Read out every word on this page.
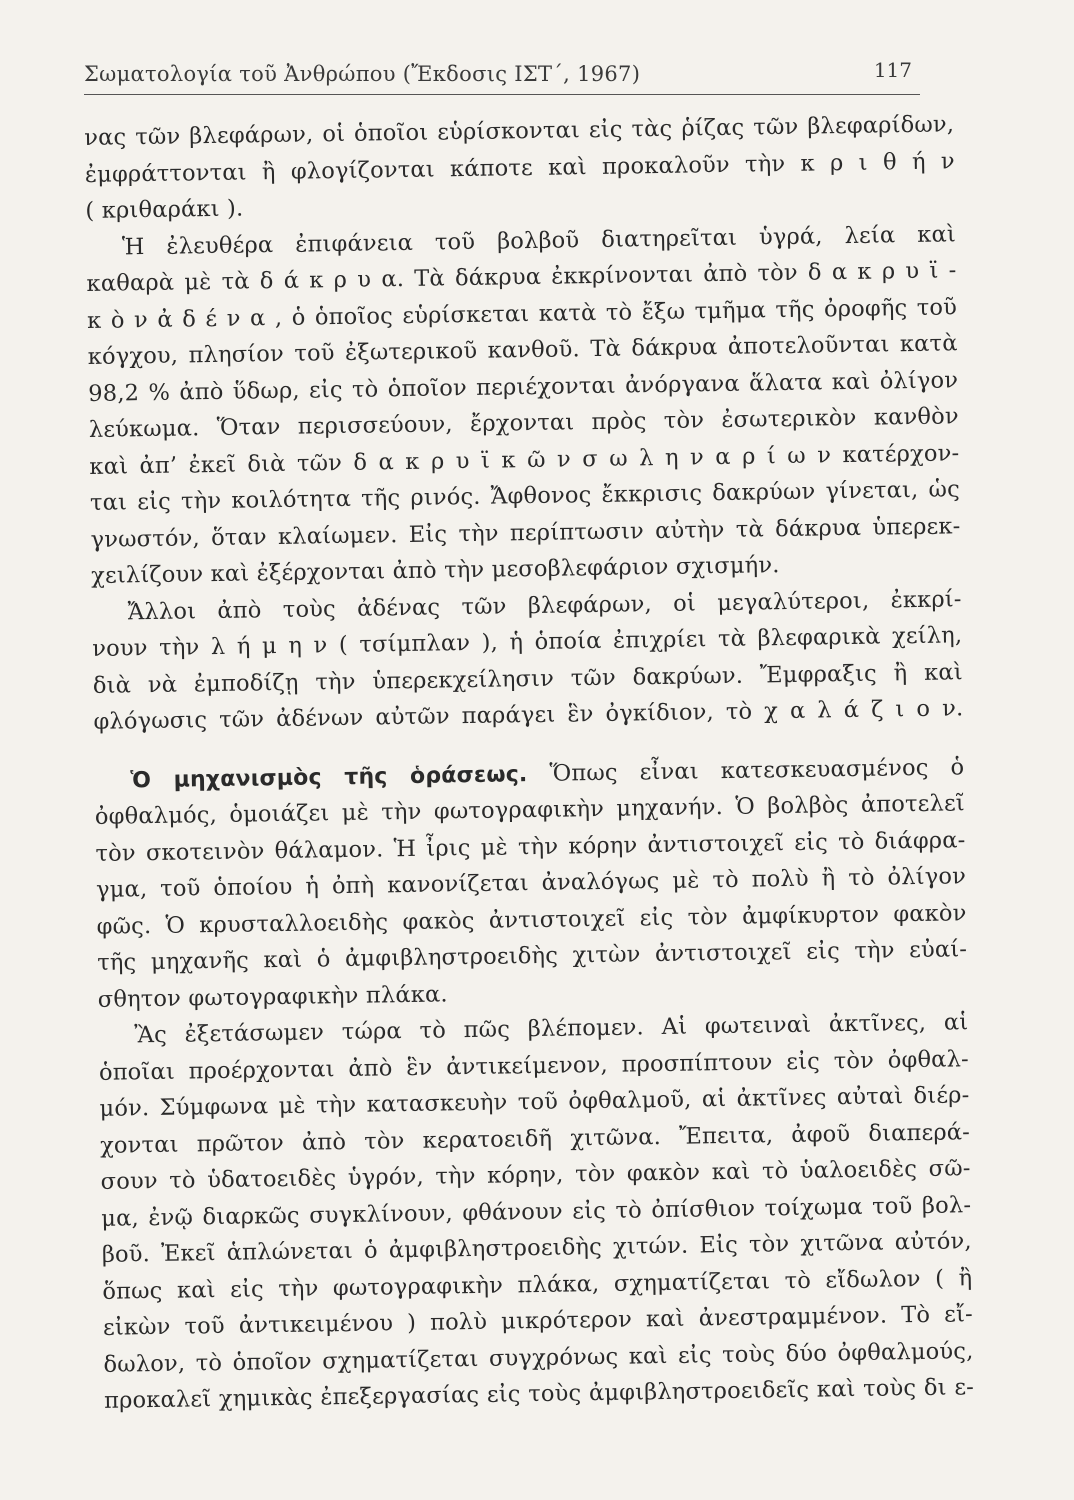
Σωματολογία τοῦ Ἀνθρώπου (Ἔκδοσις ΙΣΤ΄, 1967)	117
νας τῶν βλεφάρων, οἱ ὁποῖοι εὑρίσκονται εἰς τὰς ῥίζας τῶν βλεφαρίδων,
ἐμφράττονται ἢ φλογίζονται κάποτε καὶ προκαλοῦν τὴν κ ρ ι θ ή ν
( κριθαράκι ).
Ἡ ἐλευθέρα ἐπιφάνεια τοῦ βολβοῦ διατηρεῖται ὑγρά, λεία καὶ
καθαρὰ μὲ τὰ δ ά κ ρ υ α. Τὰ δάκρυα ἐκκρίνονται ἀπὸ τὸν δ α κ ρ υ ϊ -
κ ὸ ν ἀ δ έ ν α , ὁ ὁποῖος εὑρίσκεται κατὰ τὸ ἔξω τμῆμα τῆς ὀροφῆς τοῦ
κόγχου, πλησίον τοῦ ἐξωτερικοῦ κανθοῦ. Τὰ δάκρυα ἀποτελοῦνται κατὰ
98,2 % ἀπὸ ὕδωρ, εἰς τὸ ὁποῖον περιέχονται ἀνόργανα ἅλατα καὶ ὀλίγον
λεύκωμα. Ὅταν περισσεύουν, ἔρχονται πρὸς τὸν ἐσωτερικὸν κανθὸν
καὶ ἀπ’ ἐκεῖ διὰ τῶν δ α κ ρ υ ϊ κ ῶ ν σ ω λ η ν α ρ ί ω ν κατέρχον-
ται εἰς τὴν κοιλότητα τῆς ρινός. Ἄφθονος ἔκκρισις δακρύων γίνεται, ὡς
γνωστόν, ὅταν κλαίωμεν. Εἰς τὴν περίπτωσιν αὐτὴν τὰ δάκρυα ὑπερεκ-
χειλίζουν καὶ ἐξέρχονται ἀπὸ τὴν μεσοβλεφάριον σχισμήν.
Ἄλλοι ἀπὸ τοὺς ἀδένας τῶν βλεφάρων, οἱ μεγαλύτεροι, ἐκκρί-
νουν τὴν λ ή μ η ν ( τσίμπλαν ), ἡ ὁποία ἐπιχρίει τὰ βλεφαρικὰ χείλη,
διὰ νὰ ἐμποδίζῃ τὴν ὑπερεκχείλησιν τῶν δακρύων. Ἔμφραξις ἢ καὶ
φλόγωσις τῶν ἀδένων αὐτῶν παράγει ἓν ὀγκίδιον, τὸ χ α λ ά ζ ι ο ν.
Ὁ μηχανισμὸς τῆς ὁράσεως. Ὅπως εἶναι κατεσκευασμένος ὁ
ὀφθαλμός, ὁμοιάζει μὲ τὴν φωτογραφικὴν μηχανήν. Ὁ βολβὸς ἀποτελεῖ
τὸν σκοτεινὸν θάλαμον. Ἡ ἶρις μὲ τὴν κόρην ἀντιστοιχεῖ εἰς τὸ διάφρα-
γμα, τοῦ ὁποίου ἡ ὀπὴ κανονίζεται ἀναλόγως μὲ τὸ πολὺ ἢ τὸ ὀλίγον
φῶς. Ὁ κρυσταλλοειδὴς φακὸς ἀντιστοιχεῖ εἰς τὸν ἀμφίκυρτον φακὸν
τῆς μηχανῆς καὶ ὁ ἀμφιβληστροειδὴς χιτὼν ἀντιστοιχεῖ εἰς τὴν εὐαί-
σθητον φωτογραφικὴν πλάκα.
Ἂς ἐξετάσωμεν τώρα τὸ πῶς βλέπομεν. Αἱ φωτειναὶ ἀκτῖνες, αἱ
ὁποῖαι προέρχονται ἀπὸ ἓν ἀντικείμενον, προσπίπτουν εἰς τὸν ὀφθαλ-
μόν. Σύμφωνα μὲ τὴν κατασκευὴν τοῦ ὀφθαλμοῦ, αἱ ἀκτῖνες αὐταὶ διέρ-
χονται πρῶτον ἀπὸ τὸν κερατοειδῆ χιτῶνα. Ἔπειτα, ἀφοῦ διαπερά-
σουν τὸ ὑδατοειδὲς ὑγρόν, τὴν κόρην, τὸν φακὸν καὶ τὸ ὑαλοειδὲς σῶ-
μα, ἐνῷ διαρκῶς συγκλίνουν, φθάνουν εἰς τὸ ὀπίσθιον τοίχωμα τοῦ βολ-
βοῦ. Ἐκεῖ ἁπλώνεται ὁ ἀμφιβληστροειδὴς χιτών. Εἰς τὸν χιτῶνα αὐτόν,
ὅπως καὶ εἰς τὴν φωτογραφικὴν πλάκα, σχηματίζεται τὸ εἴδωλον ( ἢ
εἰκὼν τοῦ ἀντικειμένου ) πολὺ μικρότερον καὶ ἀνεστραμμένον. Τὸ εἴ-
δωλον, τὸ ὁποῖον σχηματίζεται συγχρόνως καὶ εἰς τοὺς δύο ὀφθαλμούς,
προκαλεῖ χημικὰς ἐπεξεργασίας εἰς τοὺς ἀμφιβληστροειδεῖς καὶ τοὺς δι ε-
